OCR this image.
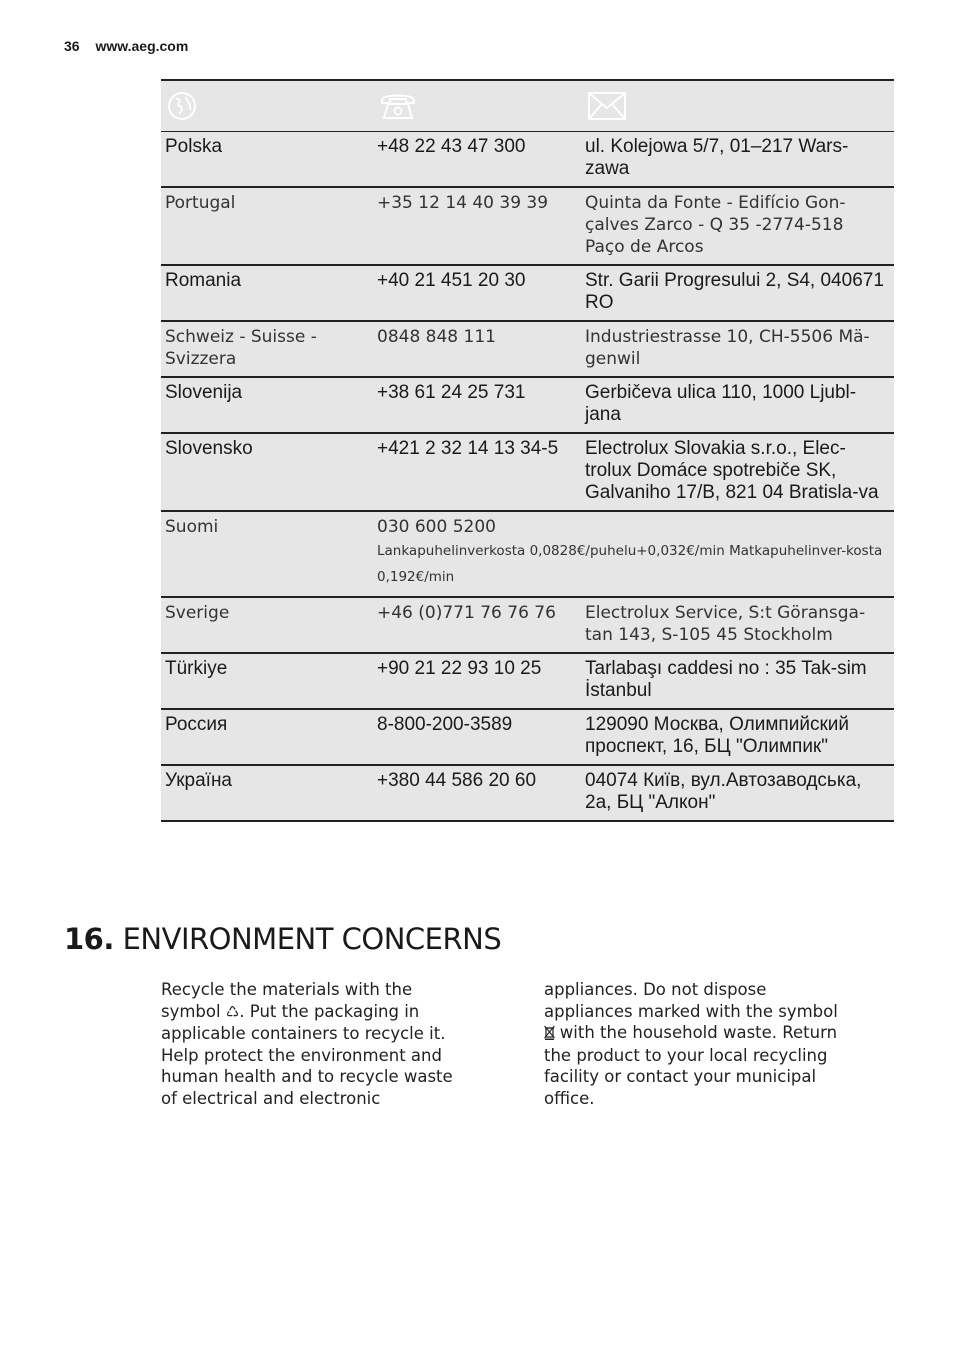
36 www.aeg.com

Polska	+48 22 43 47 300	ul. Kolejowa 5/7, 01–217 Wars-zawa
Portugal	+35 12 14 40 39 39	Quinta da Fonte - Edifício Gon-çalves Zarco - Q 35 -2774-518 Paço de Arcos
Romania	+40 21 451 20 30	Str. Garii Progresului 2, S4, 040671 RO
Schweiz - Suisse - Svizzera	0848 848 111	Industriestrasse 10, CH-5506 Mä-genwil
Slovenija	+38 61 24 25 731	Gerbičeva ulica 110, 1000 Ljubl-jana
Slovensko	+421 2 32 14 13 34-5	Electrolux Slovakia s.r.o., Elec-trolux Domáce spotrebiče SK, Galvaniho 17/B, 821 04 Bratisla-va
Suomi	030 600 5200
Lankapuhelinverkosta 0,0828€/puhelu+0,032€/min Matkapuhelinver-kosta 0,192€/min	

Sverige	+46 (0)771 76 76 76	Electrolux Service, S:t Göransga-tan 143, S-105 45 Stockholm
Türkiye	+90 21 22 93 10 25	Tarlabaşı caddesi no : 35 Tak-sim İstanbul
Россия	8-800-200-3589	129090 Москва, Олимпийский проспект, 16, БЦ "Олимпик"
Україна	+380 44 586 20 60	04074 Київ, вул.Автозаводська, 2а, БЦ "Алкон"
16. ENVIRONMENT CONCERNS
Recycle the materials with the symbol ♺. Put the packaging in applicable containers to recycle it. Help protect the environment and human health and to recycle waste of electrical and electronic
appliances. Do not dispose appliances marked with the symbol  with the household waste. Return the product to your local recycling facility or contact your municipal office.
